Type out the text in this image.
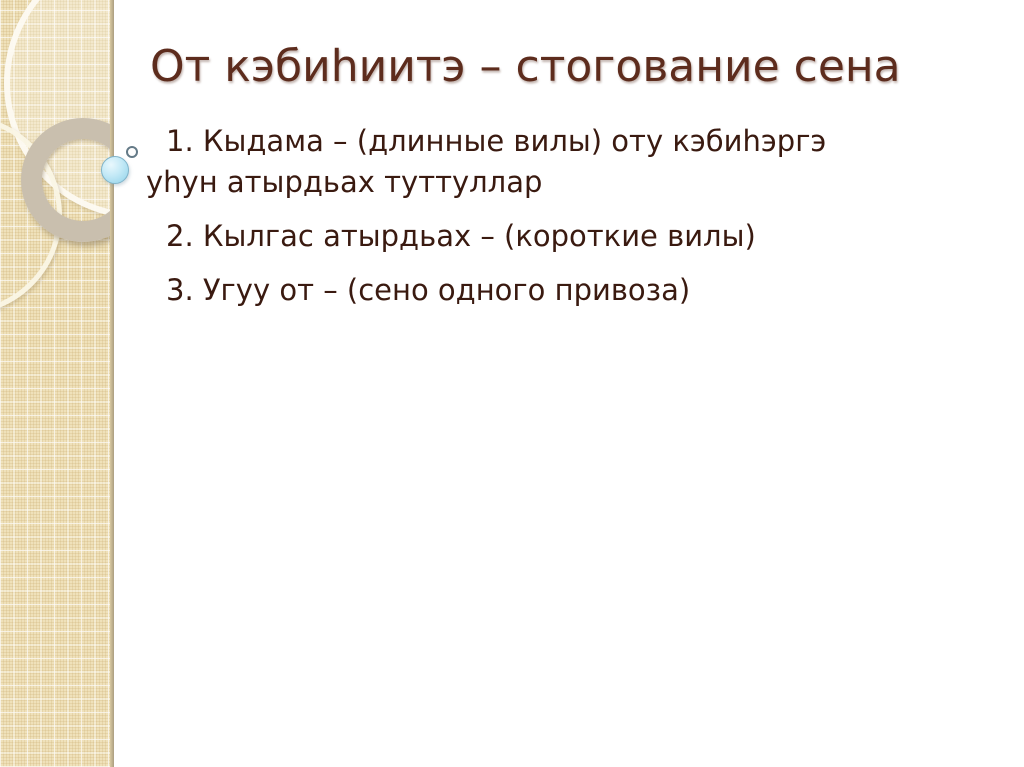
От кэбиһиитэ – стогование сена

1. Кыдама – (длинные вилы) оту кэбиһэргэ уһун атырдьах туттуллар

2. Кылгас атырдьах – (короткие вилы)

3. Угуу от – (сено одного привоза)
